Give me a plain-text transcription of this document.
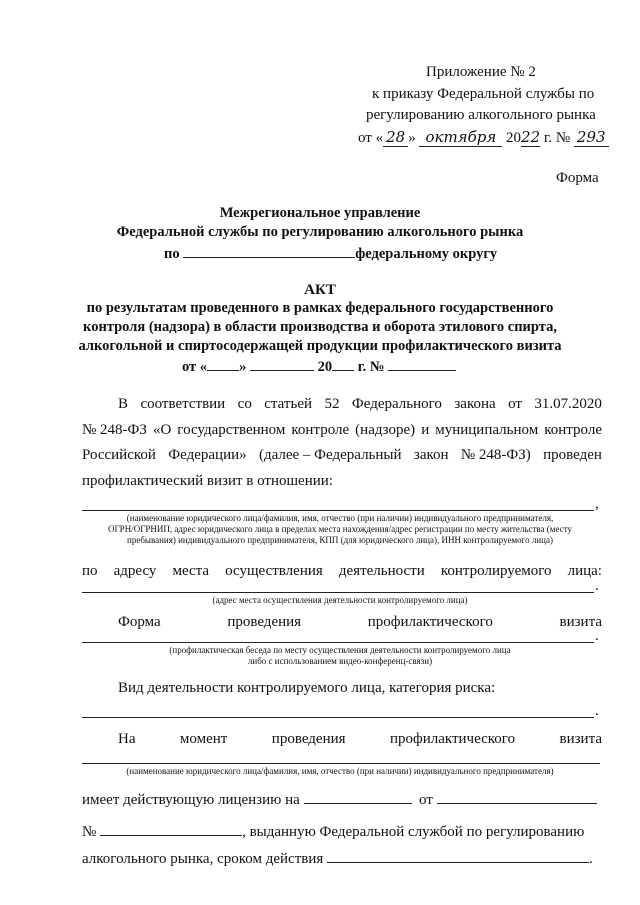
Приложение № 2
к приказу Федеральной службы по
регулированию алкогольного рынка
от « 28 » октября 2022 г. № 293
Форма
Межрегиональное управление
Федеральной службы по регулированию алкогольного рынка
по	федеральному округу
АКТ
по результатам проведенного в рамках федерального государственного
контроля (надзора) в области производства и оборота этилового спирта,
алкогольной и спиртосодержащей продукции профилактического визита
от « »	20 г. №
В соответствии со статьей 52 Федерального закона от 31.07.2020
№ 248-ФЗ «О государственном контроле (надзоре) и муниципальном контроле
Российской Федерации» (далее – Федеральный закон № 248-ФЗ) проведен
профилактический визит в отношении:
,
(наименование юридического лица/фамилия, имя, отчество (при наличии) индивидуального предпринимателя,
ОГРН/ОГРНИП, адрес юридического лица в пределах места нахождения/адрес регистрации по месту жительства (месту
пребывания) индивидуального предпринимателя, КПП (для юридического лица), ИНН контролируемого лица)
по адресу места осуществления деятельности контролируемого лица:
.
(адрес места осуществления деятельности контролируемого лица)
Форма	проведения	профилактического	визита
.
(профилактическая беседа по месту осуществления деятельности контролируемого лица
либо с использованием видео-конференц-связи)
Вид деятельности контролируемого лица, категория риска:
.
На	момент	проведения	профилактического	визита
(наименование юридического лица/фамилия, имя, отчество (при наличии) индивидуального предпринимателя)
имеет действующую лицензию на	от
№	, выданную Федеральной службой по регулированию
алкогольного рынка, сроком действия	.
